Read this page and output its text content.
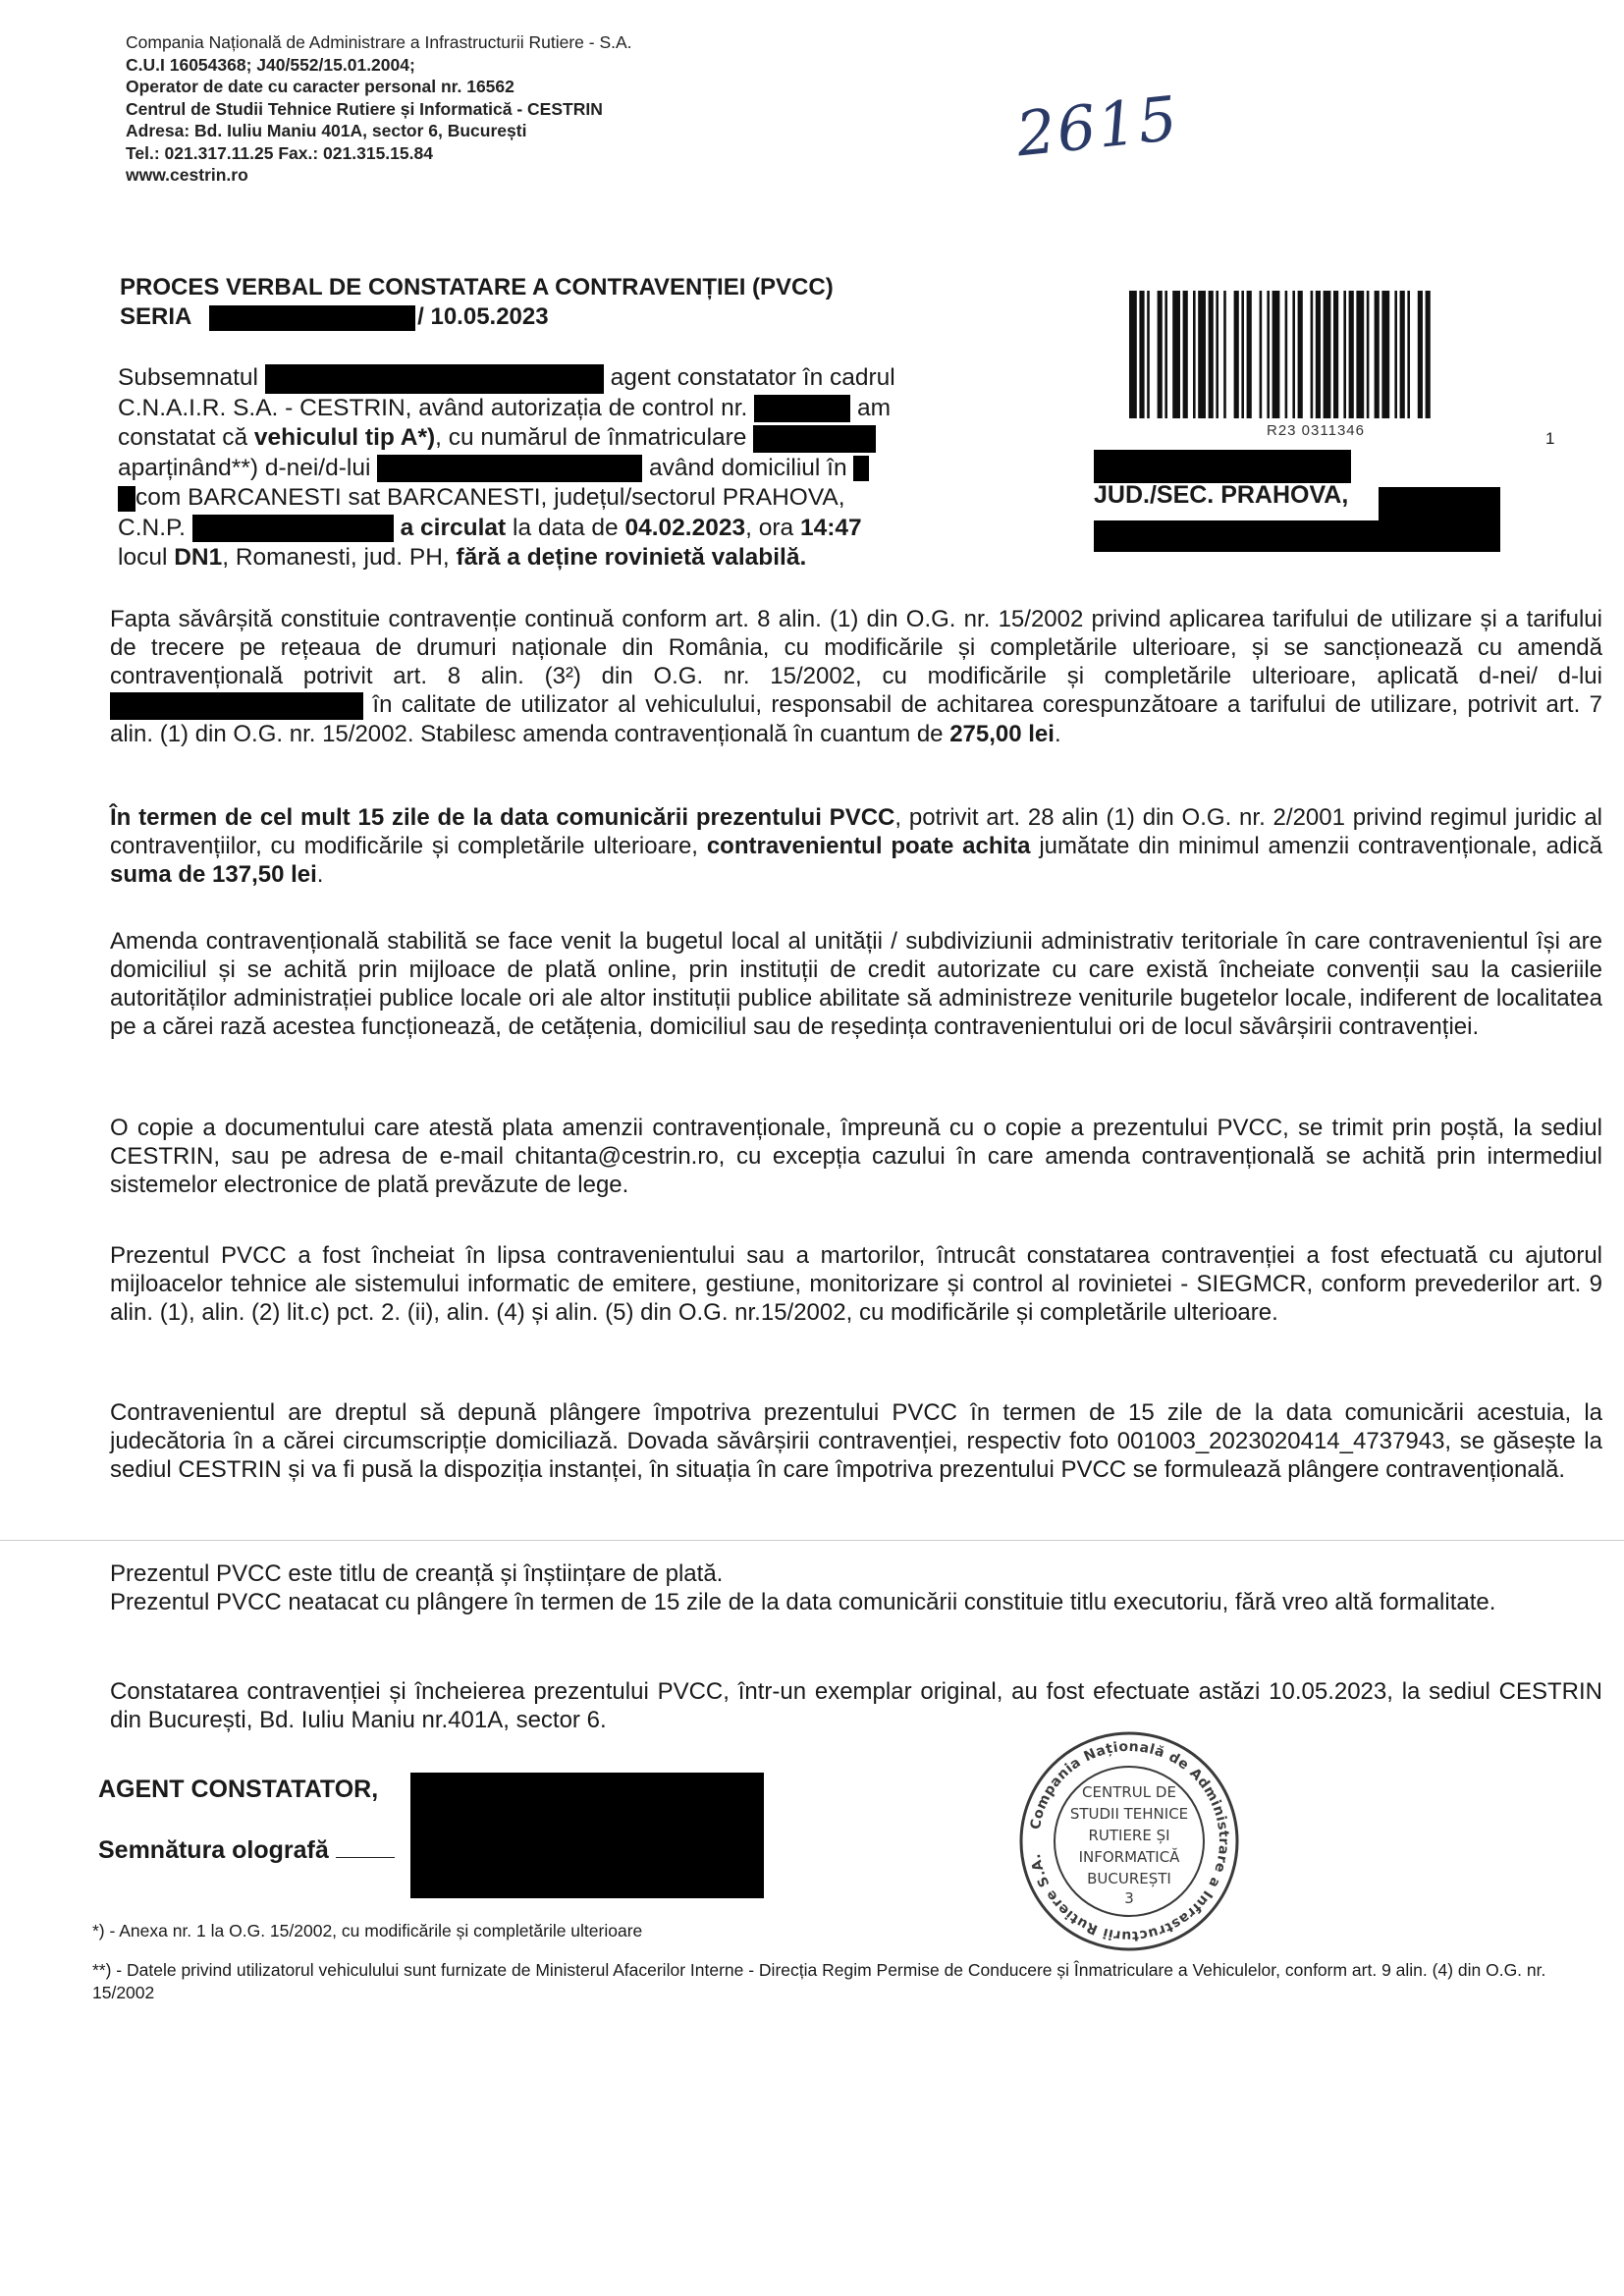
Compania Națională de Administrare a Infrastructurii Rutiere - S.A.
C.U.I 16054368; J40/552/15.01.2004;
Operator de date cu caracter personal nr. 16562
Centrul de Studii Tehnice Rutiere și Informatică - CESTRIN
Adresa: Bd. Iuliu Maniu 401A, sector 6, București
Tel.: 021.317.11.25 Fax.: 021.315.15.84
www.cestrin.ro
2615
PROCES VERBAL DE CONSTATARE A CONTRAVENȚIEI (PVCC)
SERIA	/ 10.05.2023
R23 0311346	1
JUD./SEC. PRAHOVA,
Subsemnatul	agent constatator în cadrul
C.N.A.I.R. S.A. - CESTRIN, având autorizația de control nr.	am
constatat că vehiculul tip A*), cu numărul de înmatriculare
aparținând**) d-nei/d-lui	având domiciliul în
com BARCANESTI sat BARCANESTI, județul/sectorul PRAHOVA,
C.N.P.	a circulat la data de 04.02.2023, ora 14:47
locul DN1, Romanesti, jud. PH, fără a deține rovinietă valabilă.
Fapta săvârșită constituie contravenție continuă conform art. 8 alin. (1) din O.G. nr. 15/2002 privind aplicarea tarifului de utilizare și a tarifului de trecere pe rețeaua de drumuri naționale din România, cu modificările și completările ulterioare, și se sancționează cu amendă contravențională potrivit art. 8 alin. (3²) din O.G. nr. 15/2002, cu modificările și completările ulterioare, aplicată d-nei/ d-lui  în calitate de utilizator al vehiculului, responsabil de achitarea corespunzătoare a tarifului de utilizare, potrivit art. 7 alin. (1) din O.G. nr. 15/2002. Stabilesc amenda contravențională în cuantum de 275,00 lei.
În termen de cel mult 15 zile de la data comunicării prezentului PVCC, potrivit art. 28 alin (1) din O.G. nr. 2/2001 privind regimul juridic al contravențiilor, cu modificările și completările ulterioare, contravenientul poate achita jumătate din minimul amenzii contravenționale, adică suma de 137,50 lei.
Amenda contravențională stabilită se face venit la bugetul local al unității / subdiviziunii administrativ teritoriale în care contravenientul își are domiciliul și se achită prin mijloace de plată online, prin instituții de credit autorizate cu care există încheiate convenții sau la casieriile autorităților administrației publice locale ori ale altor instituții publice abilitate să administreze veniturile bugetelor locale, indiferent de localitatea pe a cărei rază acestea funcționează, de cetățenia, domiciliul sau de reședința contravenientului ori de locul săvârșirii contravenției.
O copie a documentului care atestă plata amenzii contravenționale, împreună cu o copie a prezentului PVCC, se trimit prin poștă, la sediul CESTRIN, sau pe adresa de e-mail chitanta@cestrin.ro, cu excepția cazului în care amenda contravențională se achită prin intermediul sistemelor electronice de plată prevăzute de lege.
Prezentul PVCC a fost încheiat în lipsa contravenientului sau a martorilor, întrucât constatarea contravenției a fost efectuată cu ajutorul mijloacelor tehnice ale sistemului informatic de emitere, gestiune, monitorizare și control al rovinietei - SIEGMCR, conform prevederilor art. 9 alin. (1), alin. (2) lit.c) pct. 2. (ii), alin. (4) și alin. (5) din O.G. nr.15/2002, cu modificările și completările ulterioare.
Contravenientul are dreptul să depună plângere împotriva prezentului PVCC în termen de 15 zile de la data comunicării acestuia, la judecătoria în a cărei circumscripție domiciliază. Dovada săvârșirii contravenției, respectiv foto 001003_2023020414_4737943, se găsește la sediul CESTRIN și va fi pusă la dispoziția instanței, în situația în care împotriva prezentului PVCC se formulează plângere contravențională.
Prezentul PVCC este titlu de creanță și înștiințare de plată.
Prezentul PVCC neatacat cu plângere în termen de 15 zile de la data comunicării constituie titlu executoriu, fără vreo altă formalitate.
Constatarea contravenției și încheierea prezentului PVCC, într-un exemplar original, au fost efectuate astăzi 10.05.2023, la sediul CESTRIN din București, Bd. Iuliu Maniu nr.401A, sector 6.
AGENT CONSTATATOR,
Semnătura olografă
Compania Națională de Administrare a Infrastructurii Rutiere S.A.
CENTRUL DE
STUDII TEHNICE
RUTIERE ȘI
INFORMATICĂ
BUCUREȘTI
3
*) - Anexa nr. 1 la O.G. 15/2002, cu modificările și completările ulterioare
**) - Datele privind utilizatorul vehiculului sunt furnizate de Ministerul Afacerilor Interne - Direcția Regim Permise de Conducere și Înmatriculare a Vehiculelor, conform art. 9 alin. (4) din O.G. nr. 15/2002
